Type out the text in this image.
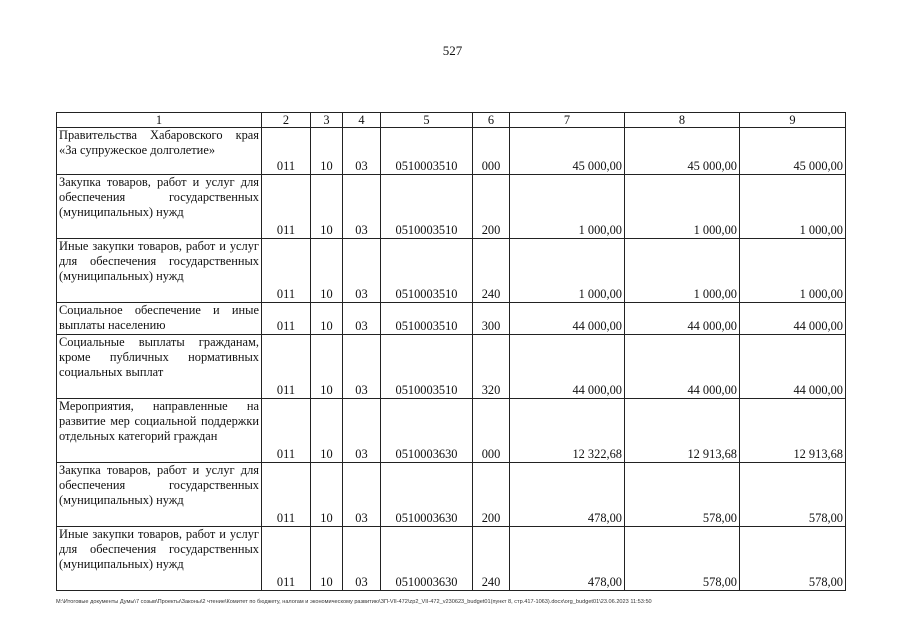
527
1	2	3	4	5	6	7	8	9
Правительства Хабаровского края «За супружеское долголетие»	011	10	03	0510003510	000	45 000,00	45 000,00	45 000,00
Закупка товаров, работ и услуг для обеспечения государственных (муниципальных) нужд	011	10	03	0510003510	200	1 000,00	1 000,00	1 000,00
Иные закупки товаров, работ и услуг для обеспечения государственных (муниципальных) нужд	011	10	03	0510003510	240	1 000,00	1 000,00	1 000,00
Социальное обеспечение и иные выплаты населению	011	10	03	0510003510	300	44 000,00	44 000,00	44 000,00
Социальные выплаты гражданам, кроме публичных нормативных социальных выплат	011	10	03	0510003510	320	44 000,00	44 000,00	44 000,00
Мероприятия, направленные на развитие мер социальной поддержки отдельных категорий граждан	011	10	03	0510003630	000	12 322,68	12 913,68	12 913,68
Закупка товаров, работ и услуг для обеспечения государственных (муниципальных) нужд	011	10	03	0510003630	200	478,00	578,00	578,00
Иные закупки товаров, работ и услуг для обеспечения государственных (муниципальных) нужд	011	10	03	0510003630	240	478,00	578,00	578,00
M:\Итоговые документы Думы\7 созыв\Проекты\Законы\2 чтение\Комитет по бюджету, налогам и экономическому развитию\ЗП-VII-472\zp2_VII-472_v230623_budget01(пункт 8, стр.417-1063).docx\org_budget01\23.06.2023 11:53:50
